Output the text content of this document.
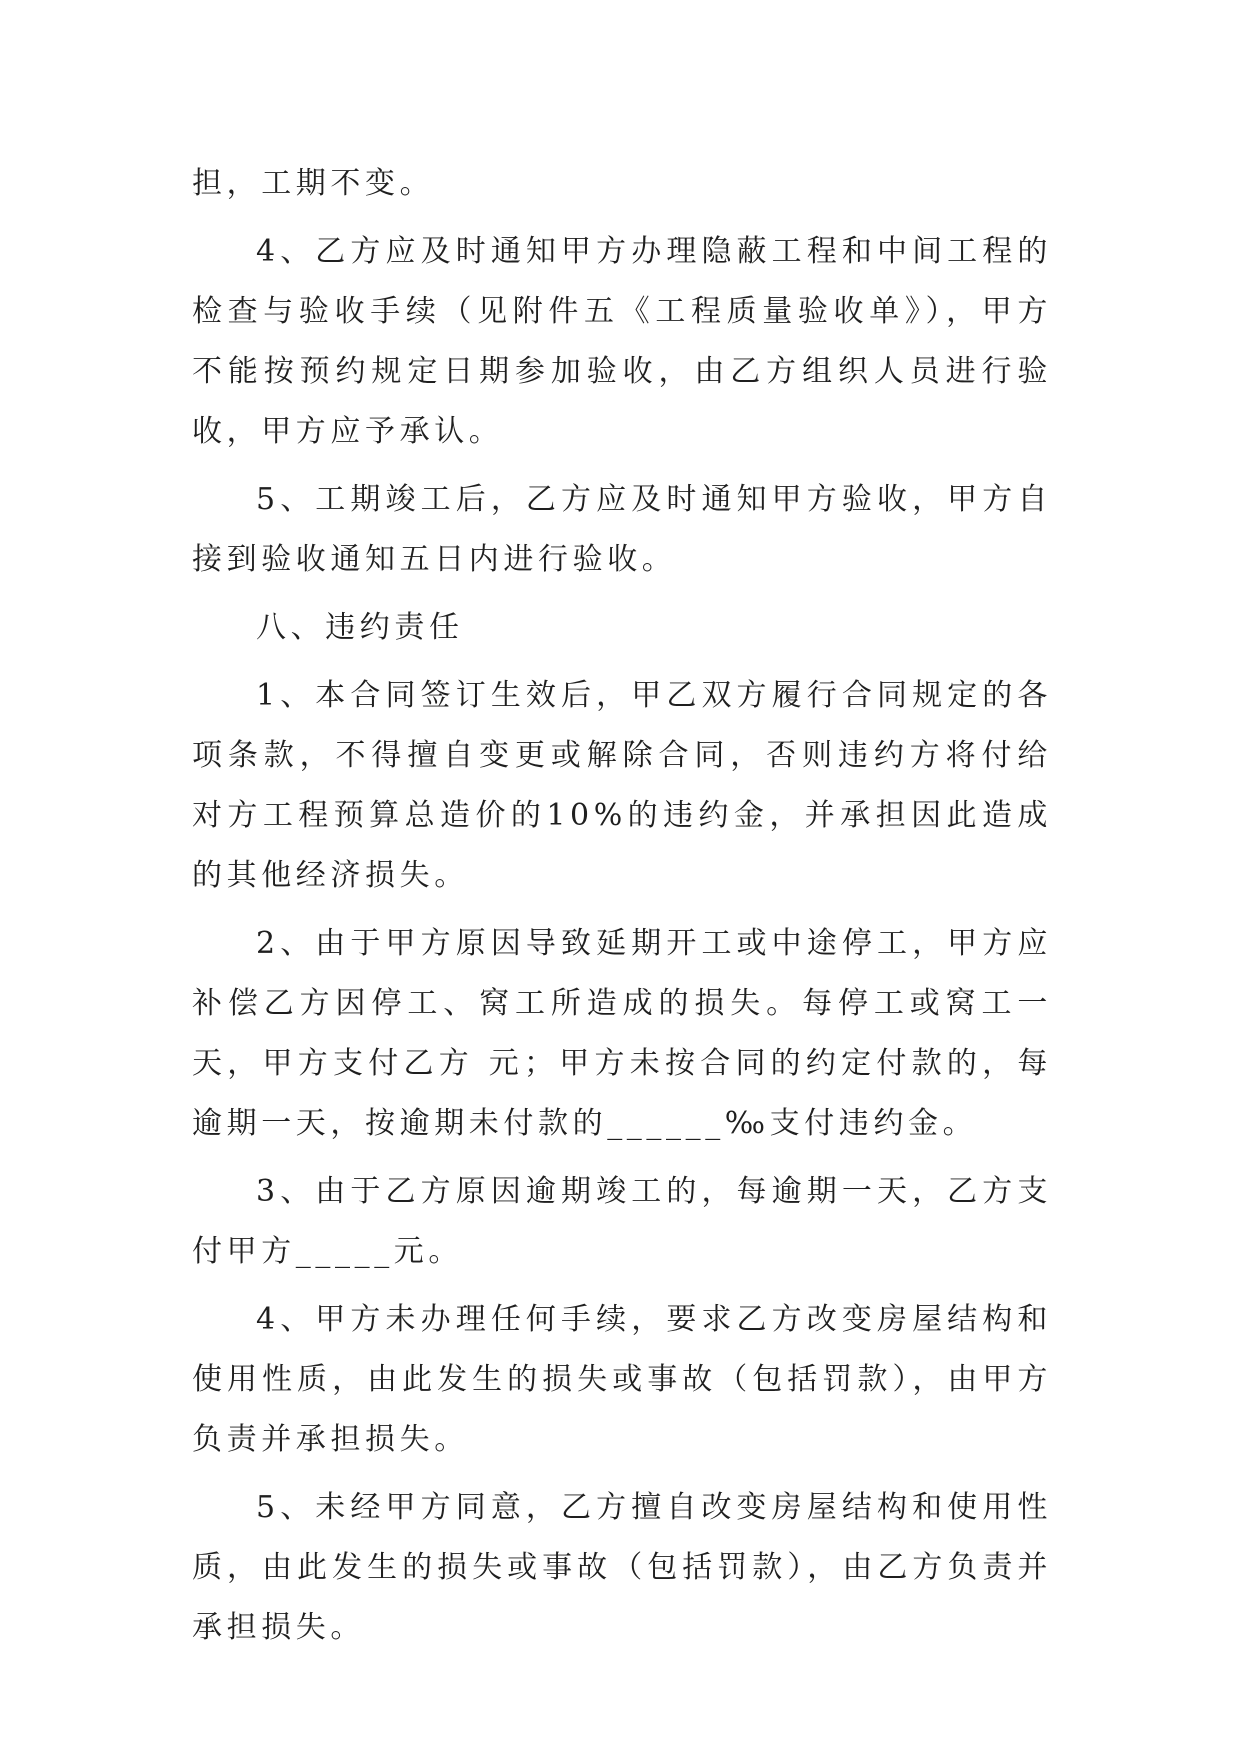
担，工期不变。

4、乙方应及时通知甲方办理隐蔽工程和中间工程的检查与验收手续（见附件五《工程质量验收单》），甲方不能按预约规定日期参加验收，由乙方组织人员进行验收，甲方应予承认。

5、工期竣工后，乙方应及时通知甲方验收，甲方自接到验收通知五日内进行验收。

八、违约责任

1、本合同签订生效后，甲乙双方履行合同规定的各项条款，不得擅自变更或解除合同，否则违约方将付给对方工程预算总造价的10%的违约金，并承担因此造成的其他经济损失。

2、由于甲方原因导致延期开工或中途停工，甲方应补偿乙方因停工、窝工所造成的损失。每停工或窝工一天，甲方支付乙方 元；甲方未按合同的约定付款的，每逾期一天，按逾期未付款的______‰支付违约金。

3、由于乙方原因逾期竣工的，每逾期一天，乙方支付甲方_____元。

4、甲方未办理任何手续，要求乙方改变房屋结构和使用性质，由此发生的损失或事故（包括罚款），由甲方负责并承担损失。

5、未经甲方同意，乙方擅自改变房屋结构和使用性质，由此发生的损失或事故（包括罚款），由乙方负责并承担损失。
